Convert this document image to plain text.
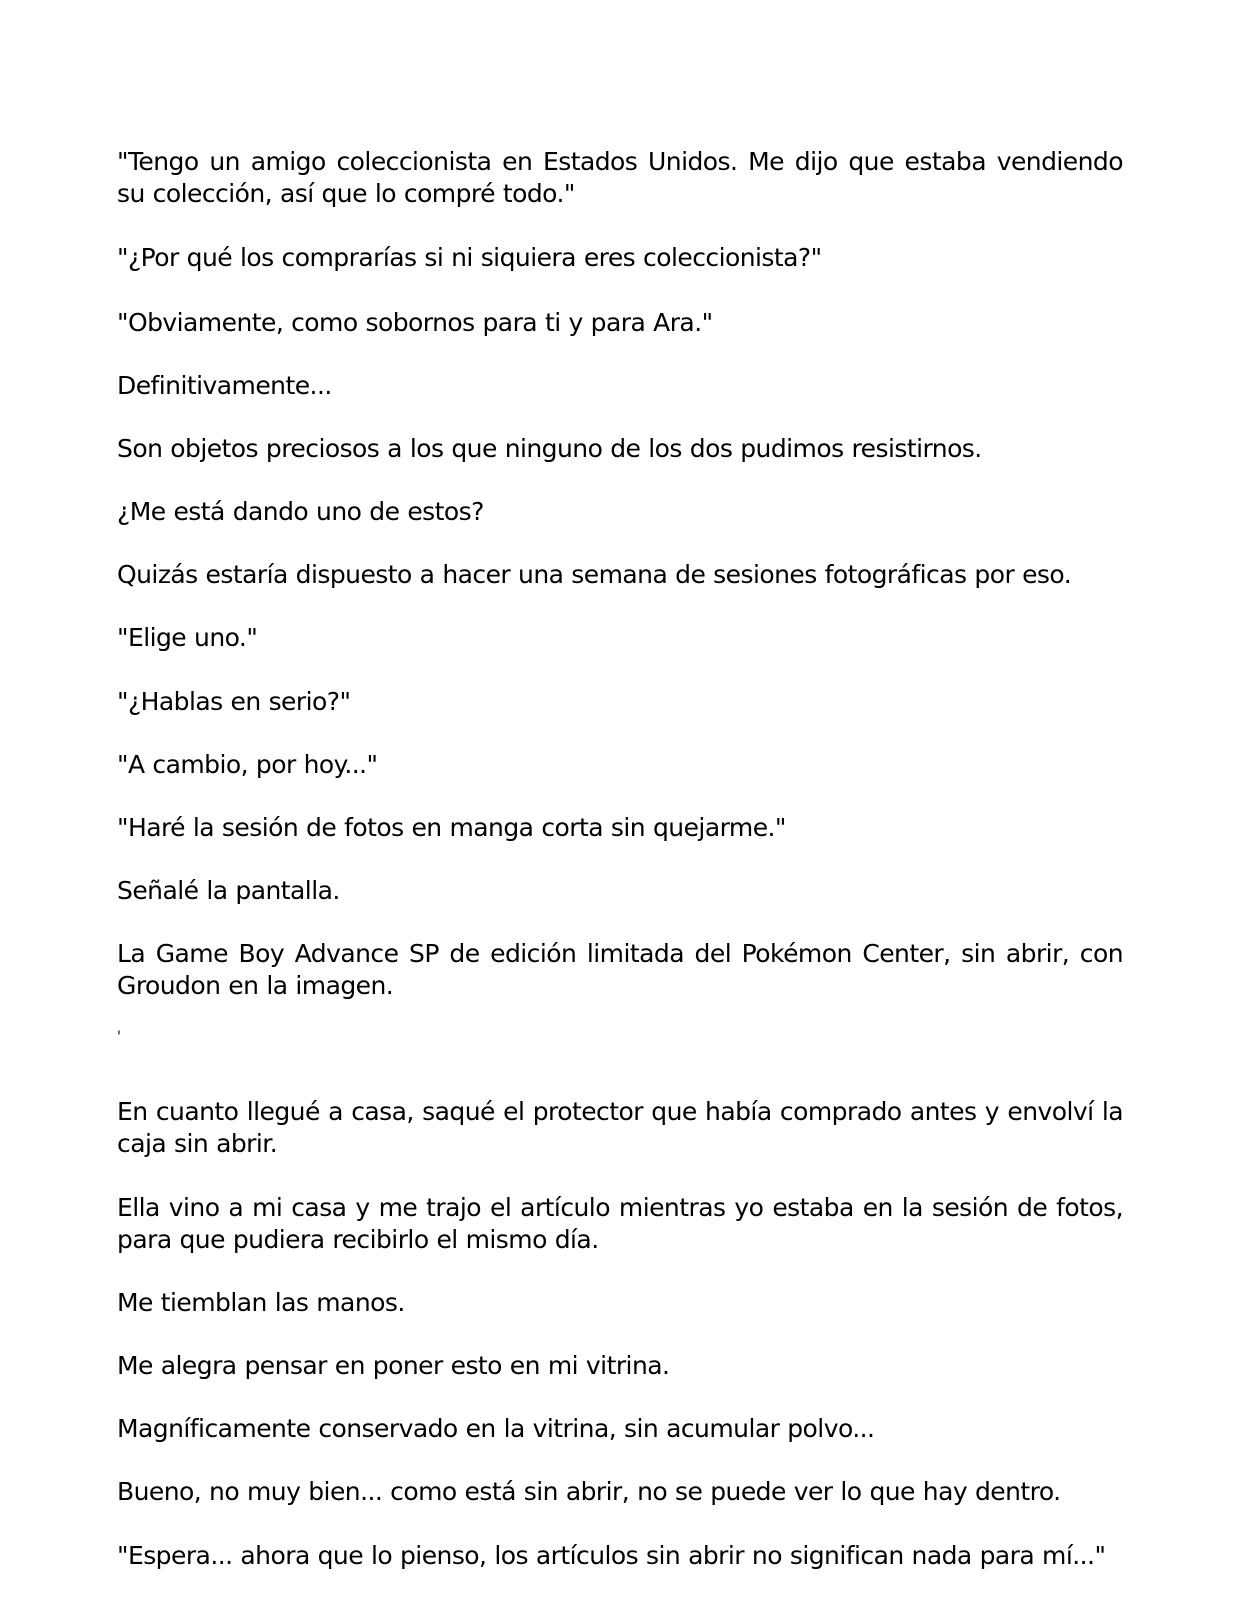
"Tengo un amigo coleccionista en Estados Unidos. Me dijo que estaba vendiendo su colección, así que lo compré todo."

"¿Por qué los comprarías si ni siquiera eres coleccionista?"

"Obviamente, como sobornos para ti y para Ara."

Definitivamente...

Son objetos preciosos a los que ninguno de los dos pudimos resistirnos.

¿Me está dando uno de estos?

Quizás estaría dispuesto a hacer una semana de sesiones fotográficas por eso.

"Elige uno."

"¿Hablas en serio?"

"A cambio, por hoy..."

"Haré la sesión de fotos en manga corta sin quejarme."

Señalé la pantalla.

La Game Boy Advance SP de edición limitada del Pokémon Center, sin abrir, con Groudon en la imagen.

'

En cuanto llegué a casa, saqué el protector que había comprado antes y envolví la caja sin abrir.

Ella vino a mi casa y me trajo el artículo mientras yo estaba en la sesión de fotos, para que pudiera recibirlo el mismo día.

Me tiemblan las manos.

Me alegra pensar en poner esto en mi vitrina.

Magníficamente conservado en la vitrina, sin acumular polvo...

Bueno, no muy bien... como está sin abrir, no se puede ver lo que hay dentro.

"Espera... ahora que lo pienso, los artículos sin abrir no significan nada para mí..."
